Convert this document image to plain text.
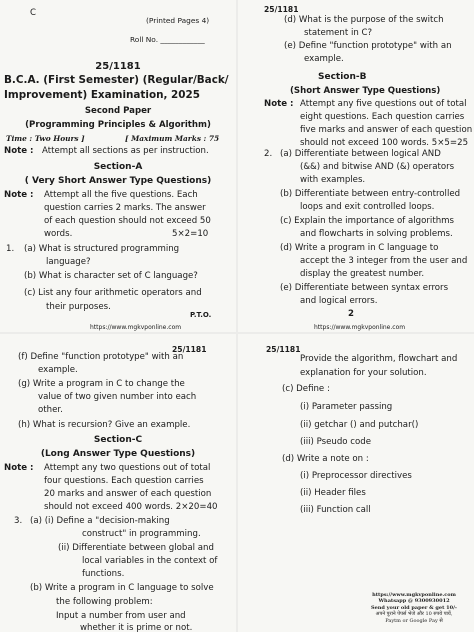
C
(Printed Pages 4)
Roll No. ____________
25/1181
B.C.A. (First Semester) (Regular/Back/
Improvement) Examination, 2025
Second Paper
(Programming Principles & Algorithm)
Time : Two Hours ]	[ Maximum Marks : 75
Note : Attempt all sections as per instruction.
Section-A
( Very Short Answer Type Questions)
Note : Attempt all the five questions. Each
question carries 2 marks. The answer
of each question should not exceed 50
words.	5×2=10
1. (a) What is structured programming
language?
(b) What is character set of C language?
(c) List any four arithmetic operators and
their purposes.
P.T.O.
https://www.mgkvponline.com
25/1181
(d) What is the purpose of the switch
statement in C?
(e) Define "function prototype" with an
example.
Section-B
(Short Answer Type Questions)
Note : Attempt any five questions out of total
eight questions. Each question carries
five marks and answer of each question
should not exceed 100 words. 5×5=25
2. (a) Differentiate between logical AND
(&&) and bitwise AND (&) operators
with examples.
(b) Differentiate between entry-controlled
loops and exit controlled loops.
(c) Explain the importance of algorithms
and flowcharts in solving problems.
(d) Write a program in C language to
accept the 3 integer from the user and
display the greatest number.
(e) Differentiate between syntax errors
and logical errors.
2
https://www.mgkvponline.com
25/1181
(f) Define "function prototype" with an
example.
(g) Write a program in C to change the
value of two given number into each
other.
(h) What is recursion? Give an example.
Section-C
(Long Answer Type Questions)
Note : Attempt any two questions out of total
four questions. Each question carries
20 marks and answer of each question
should not exceed 400 words. 2×20=40
3. (a) (i) Define a "decision-making
construct" in programming.
(ii) Differentiate between global and
local variables in the context of
functions.
(b) Write a program in C language to solve
the following problem:
Input a number from user and
whether it is prime or not.
25/1181
Provide the algorithm, flowchart and
explanation for your solution.
(c) Define :
(i) Parameter passing
(ii) getchar () and putchar()
(iii) Pseudo code
(d) Write a note on :
(i) Preprocessor directives
(ii) Header files
(iii) Function call
https://www.mgkvponline.com
Whatsapp @ 9300930012
Send your old paper & get 10/-
अपने पुराने पेपर्स भेजे और 10 रुपये पायें,
Paytm or Google Pay से
